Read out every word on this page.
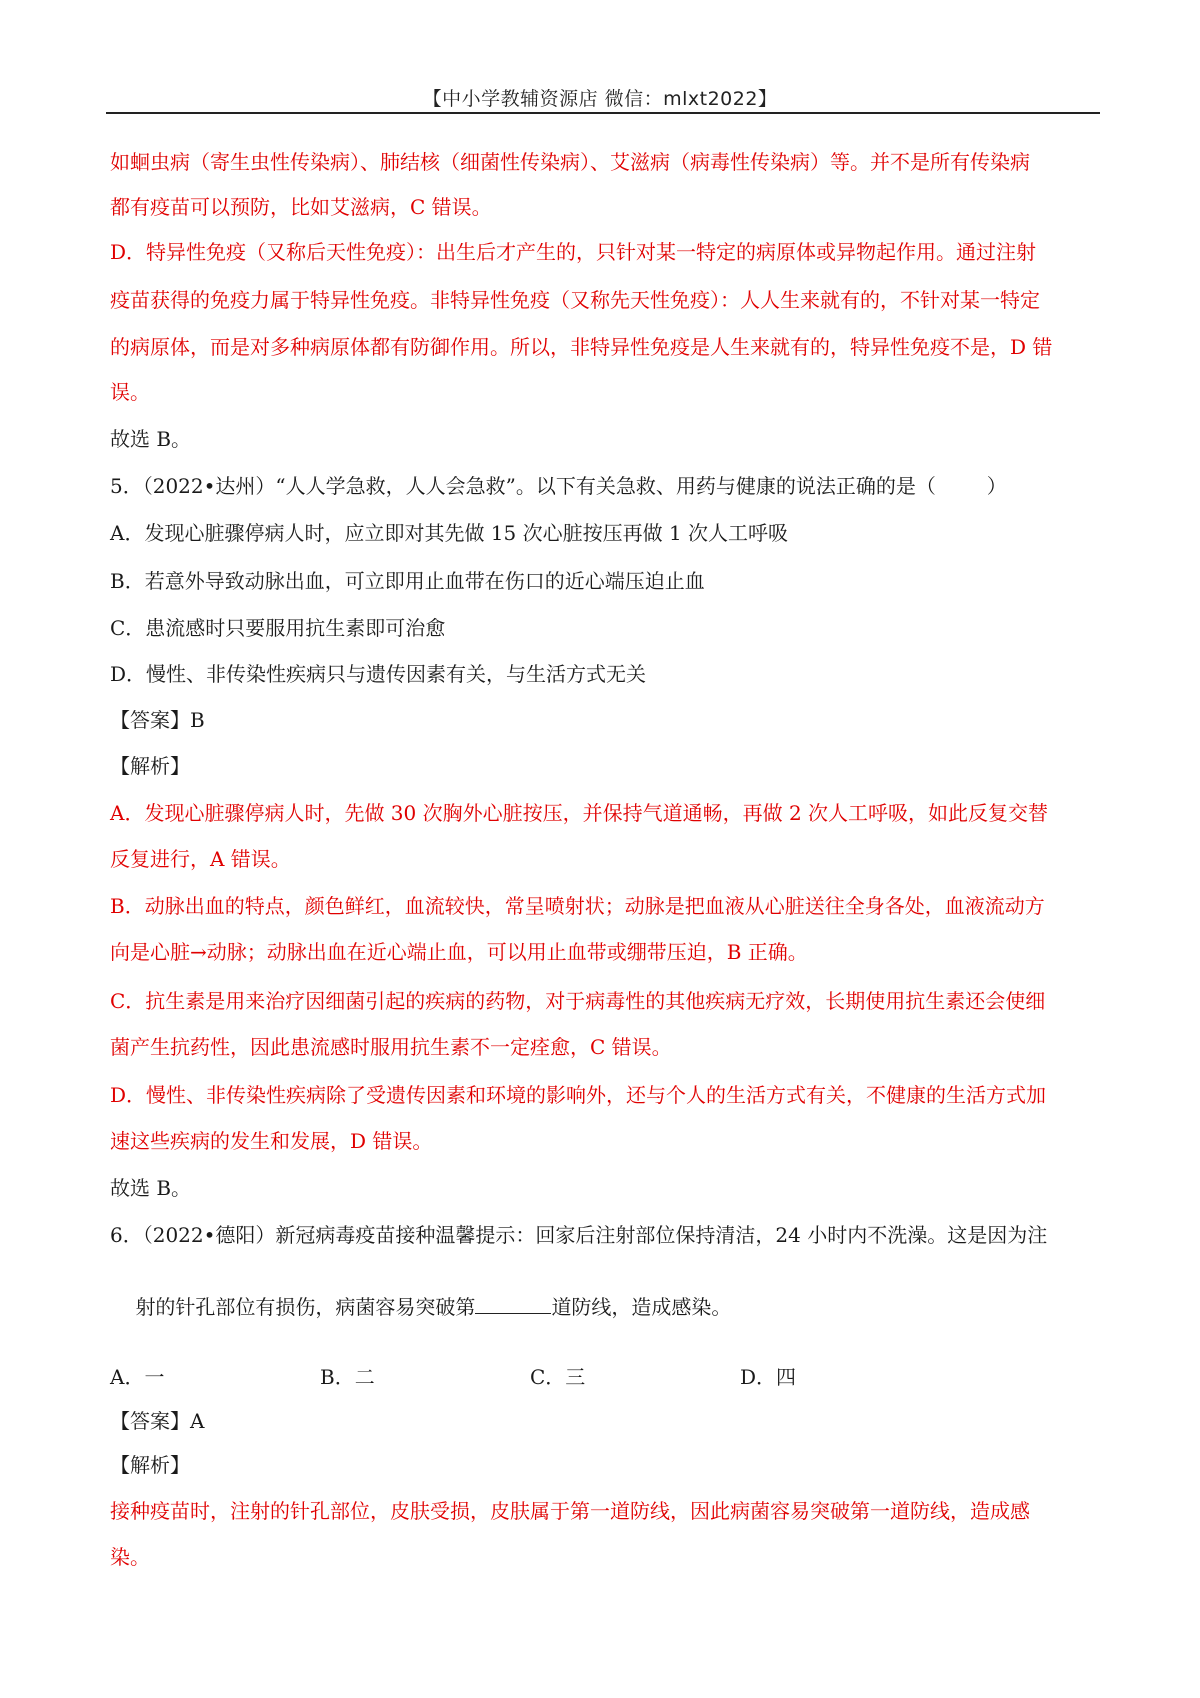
【中小学教辅资源店 微信：mlxt2022】
如蛔虫病（寄生虫性传染病）、肺结核（细菌性传染病）、艾滋病（病毒性传染病）等。并不是所有传染病
都有疫苗可以预防，比如艾滋病，C 错误。
D．特异性免疫（又称后天性免疫）：出生后才产生的，只针对某一特定的病原体或异物起作用。通过注射
疫苗获得的免疫力属于特异性免疫。非特异性免疫（又称先天性免疫）：人人生来就有的，不针对某一特定
的病原体，而是对多种病原体都有防御作用。所以，非特异性免疫是人生来就有的，特异性免疫不是，D 错
误。
故选 B。
5．（2022•达州）“人人学急救，人人会急救”。以下有关急救、用药与健康的说法正确的是（        ）
A．发现心脏骤停病人时，应立即对其先做 15 次心脏按压再做 1 次人工呼吸
B．若意外导致动脉出血，可立即用止血带在伤口的近心端压迫止血
C．患流感时只要服用抗生素即可治愈
D．慢性、非传染性疾病只与遗传因素有关，与生活方式无关
【答案】B
【解析】
A．发现心脏骤停病人时，先做 30 次胸外心脏按压，并保持气道通畅，再做 2 次人工呼吸，如此反复交替
反复进行，A 错误。
B．动脉出血的特点，颜色鲜红，血流较快，常呈喷射状；动脉是把血液从心脏送往全身各处，血液流动方
向是心脏→动脉；动脉出血在近心端止血，可以用止血带或绷带压迫，B 正确。
C．抗生素是用来治疗因细菌引起的疾病的药物，对于病毒性的其他疾病无疗效，长期使用抗生素还会使细
菌产生抗药性，因此患流感时服用抗生素不一定痊愈，C 错误。
D．慢性、非传染性疾病除了受遗传因素和环境的影响外，还与个人的生活方式有关，不健康的生活方式加
速这些疾病的发生和发展，D 错误。
故选 B。
6．（2022•德阳）新冠病毒疫苗接种温馨提示：回家后注射部位保持清洁，24 小时内不洗澡。这是因为注

射的针孔部位有损伤，病菌容易突破第	道防线，造成感染。

A．一	B．二	C．三	D．四
【答案】A
【解析】
接种疫苗时，注射的针孔部位，皮肤受损，皮肤属于第一道防线，因此病菌容易突破第一道防线，造成感
染。
